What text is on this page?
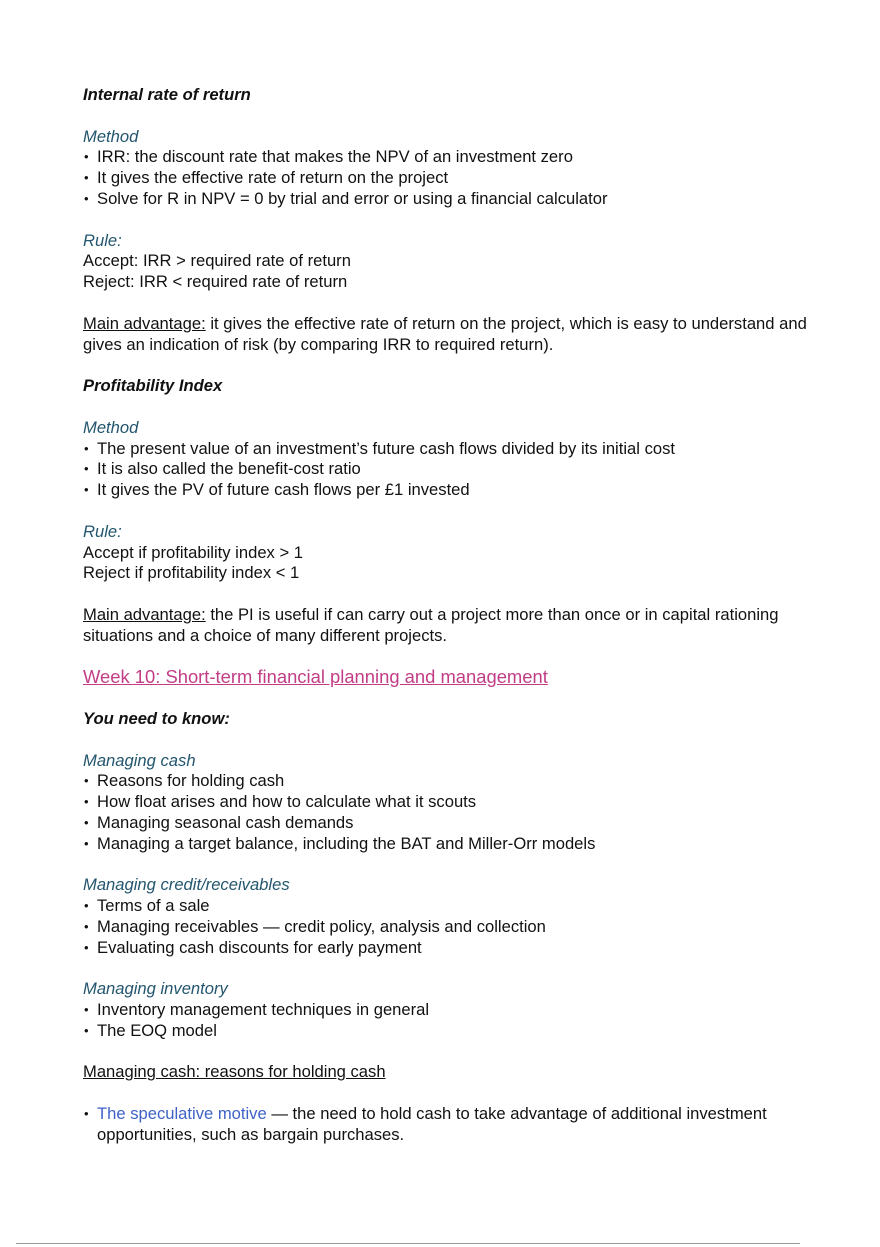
Internal rate of return
Method
• IRR: the discount rate that makes the NPV of an investment zero
• It gives the effective rate of return on the project
• Solve for R in NPV = 0 by trial and error or using a financial calculator
Rule:
Accept: IRR > required rate of return
Reject: IRR < required rate of return
Main advantage: it gives the effective rate of return on the project, which is easy to understand and gives an indication of risk (by comparing IRR to required return).
Profitability Index
Method
• The present value of an investment’s future cash flows divided by its initial cost
• It is also called the benefit-cost ratio
• It gives the PV of future cash flows per £1 invested
Rule:
Accept if profitability index > 1
Reject if profitability index < 1
Main advantage: the PI is useful if can carry out a project more than once or in capital rationing situations and a choice of many different projects.
Week 10: Short-term financial planning and management
You need to know:
Managing cash
• Reasons for holding cash
• How float arises and how to calculate what it scouts
• Managing seasonal cash demands
• Managing a target balance, including the BAT and Miller-Orr models
Managing credit/receivables
• Terms of a sale
• Managing receivables — credit policy, analysis and collection
• Evaluating cash discounts for early payment
Managing inventory
• Inventory management techniques in general
• The EOQ model
Managing cash: reasons for holding cash
• The speculative motive — the need to hold cash to take advantage of additional investment opportunities, such as bargain purchases.
